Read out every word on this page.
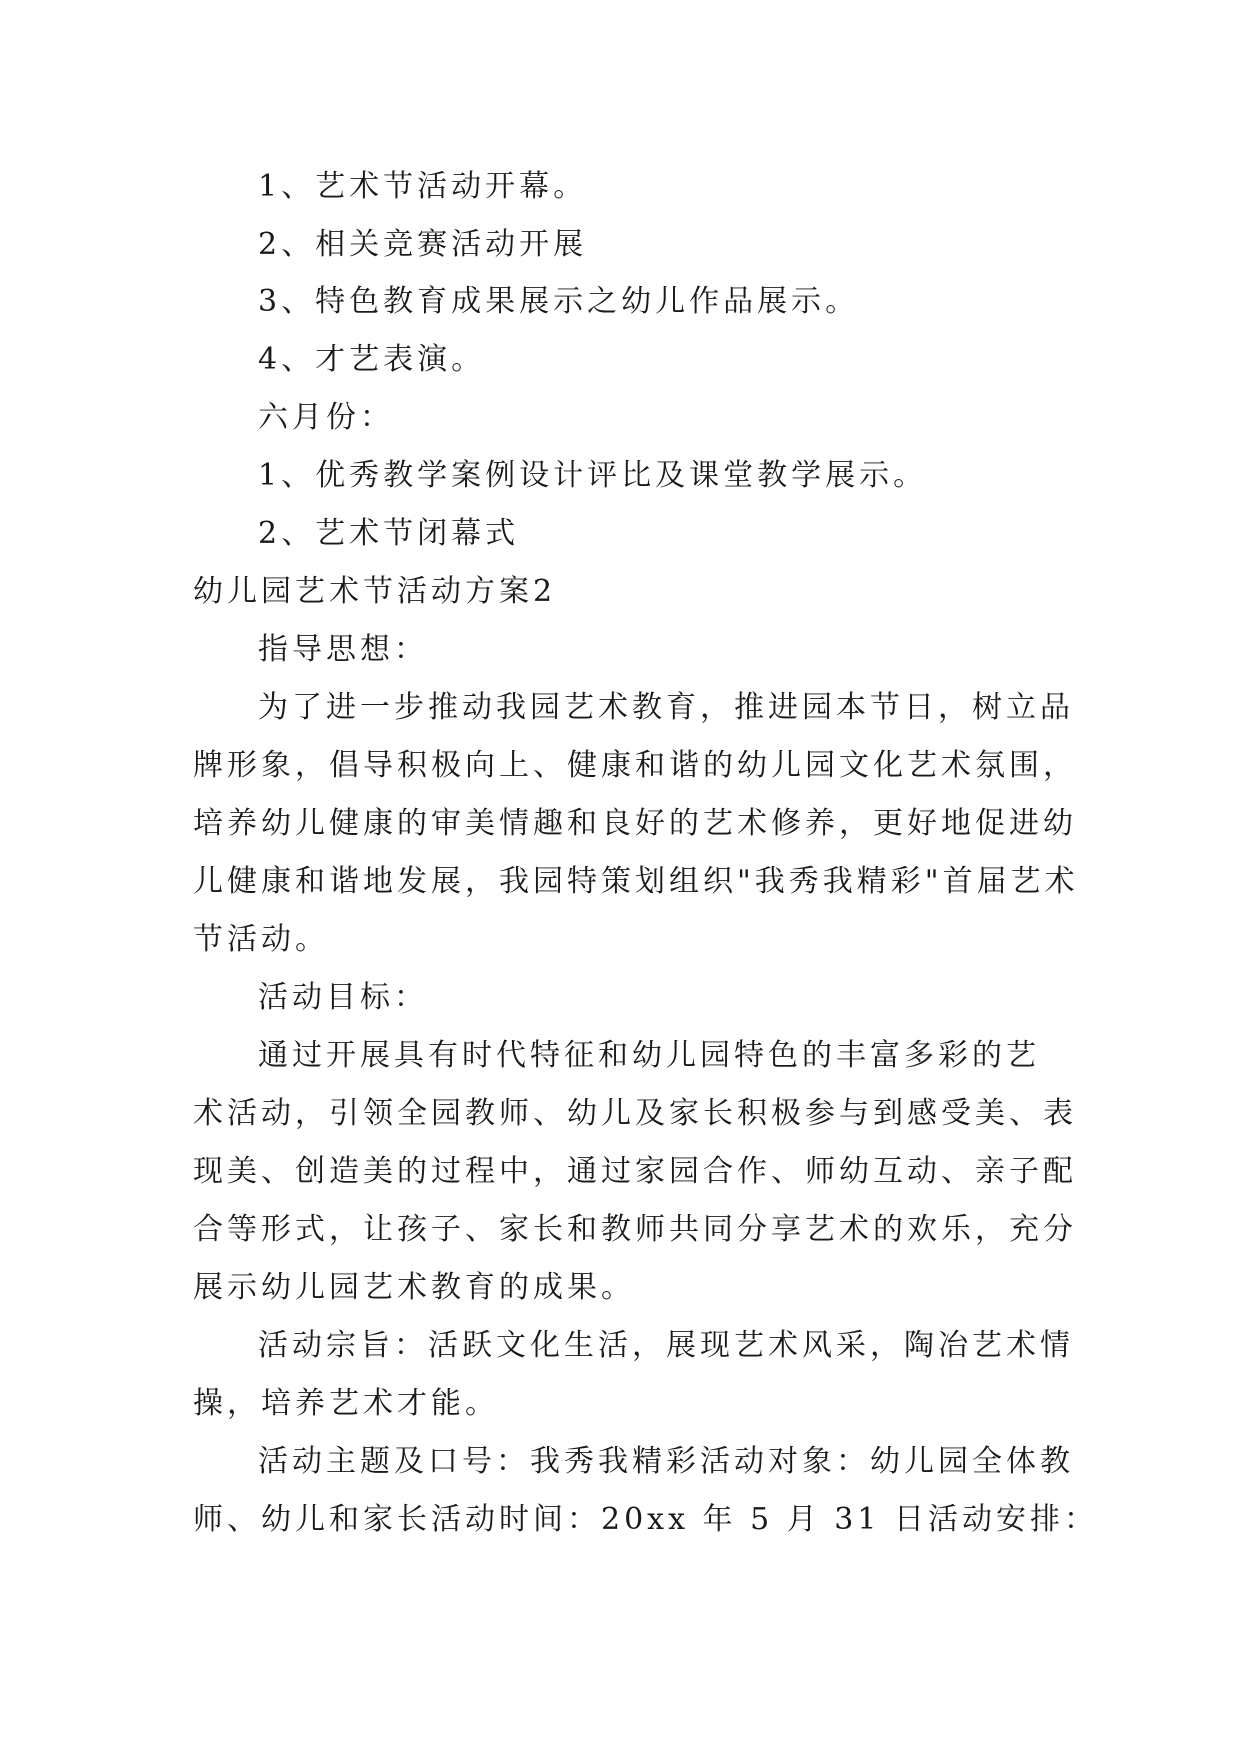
1、艺术节活动开幕。
2、相关竞赛活动开展
3、特色教育成果展示之幼儿作品展示。
4、才艺表演。
六月份：
1、优秀教学案例设计评比及课堂教学展示。
2、艺术节闭幕式
幼儿园艺术节活动方案2
指导思想：
为了进一步推动我园艺术教育，推进园本节日，树立品
牌形象，倡导积极向上、健康和谐的幼儿园文化艺术氛围，
培养幼儿健康的审美情趣和良好的艺术修养，更好地促进幼
儿健康和谐地发展，我园特策划组织"我秀我精彩"首届艺术
节活动。
活动目标：
通过开展具有时代特征和幼儿园特色的丰富多彩的艺
术活动，引领全园教师、幼儿及家长积极参与到感受美、表
现美、创造美的过程中，通过家园合作、师幼互动、亲子配
合等形式，让孩子、家长和教师共同分享艺术的欢乐，充分
展示幼儿园艺术教育的成果。
活动宗旨：活跃文化生活，展现艺术风采，陶冶艺术情
操，培养艺术才能。
活动主题及口号：我秀我精彩活动对象：幼儿园全体教
师、幼儿和家长活动时间：20xx 年 5 月 31 日活动安排：
